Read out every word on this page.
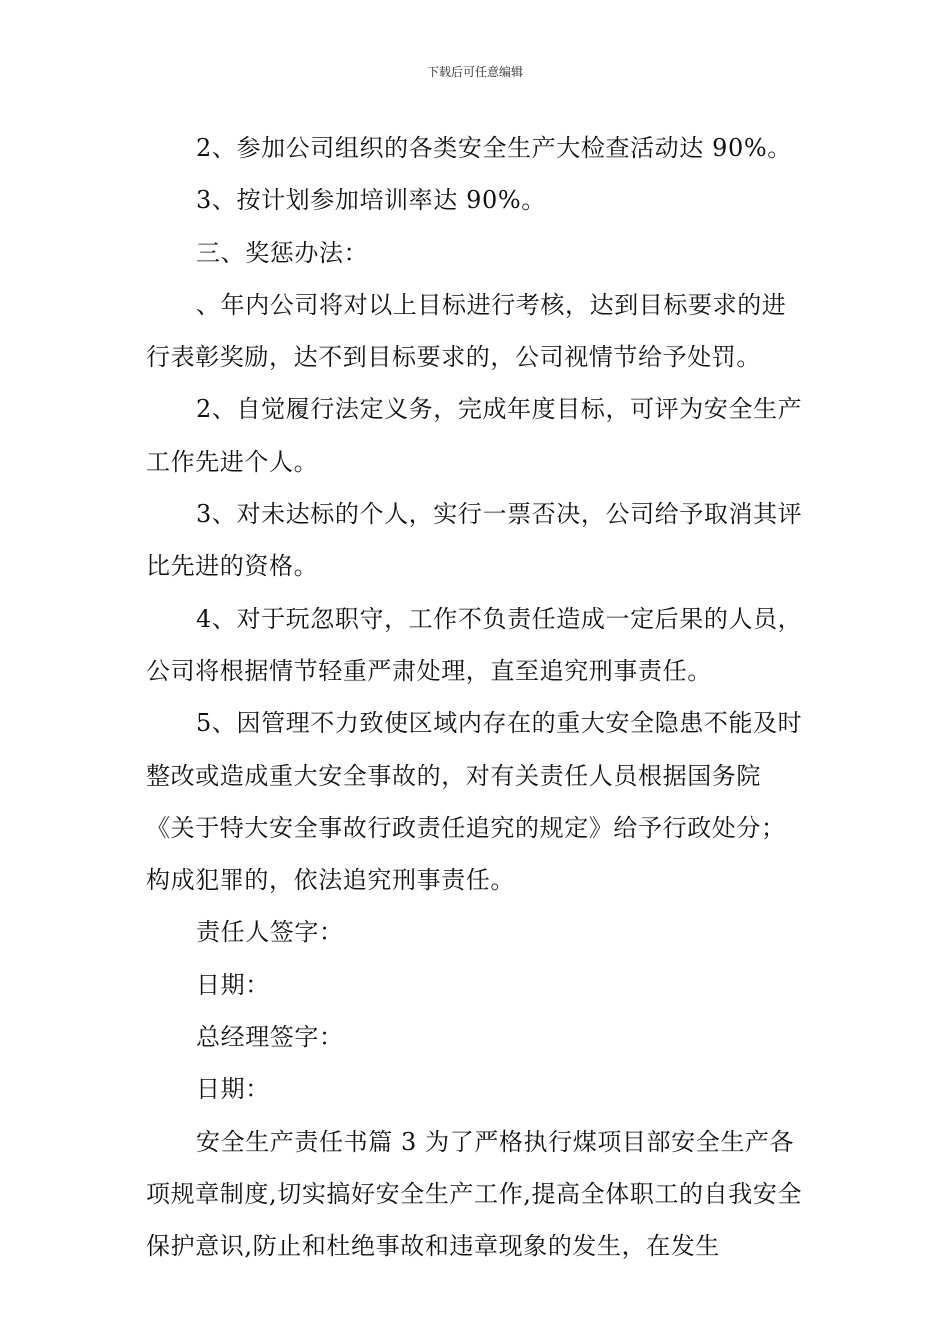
下载后可任意编辑

2、参加公司组织的各类安全生产大检查活动达 90%。

3、按计划参加培训率达 90%。

三、奖惩办法：

、年内公司将对以上目标进行考核，达到目标要求的进行表彰奖励，达不到目标要求的，公司视情节给予处罚。

2、自觉履行法定义务，完成年度目标，可评为安全生产工作先进个人。

3、对未达标的个人，实行一票否决，公司给予取消其评比先进的资格。

4、对于玩忽职守，工作不负责任造成一定后果的人员，公司将根据情节轻重严肃处理，直至追究刑事责任。

5、因管理不力致使区域内存在的重大安全隐患不能及时整改或造成重大安全事故的，对有关责任人员根据国务院《关于特大安全事故行政责任追究的规定》给予行政处分；构成犯罪的，依法追究刑事责任。

责任人签字：

日期：

总经理签字：

日期：

安全生产责任书篇 3 为了严格执行煤项目部安全生产各项规章制度,切实搞好安全生产工作,提高全体职工的自我安全保护意识,防止和杜绝事故和违章现象的发生，在发生
